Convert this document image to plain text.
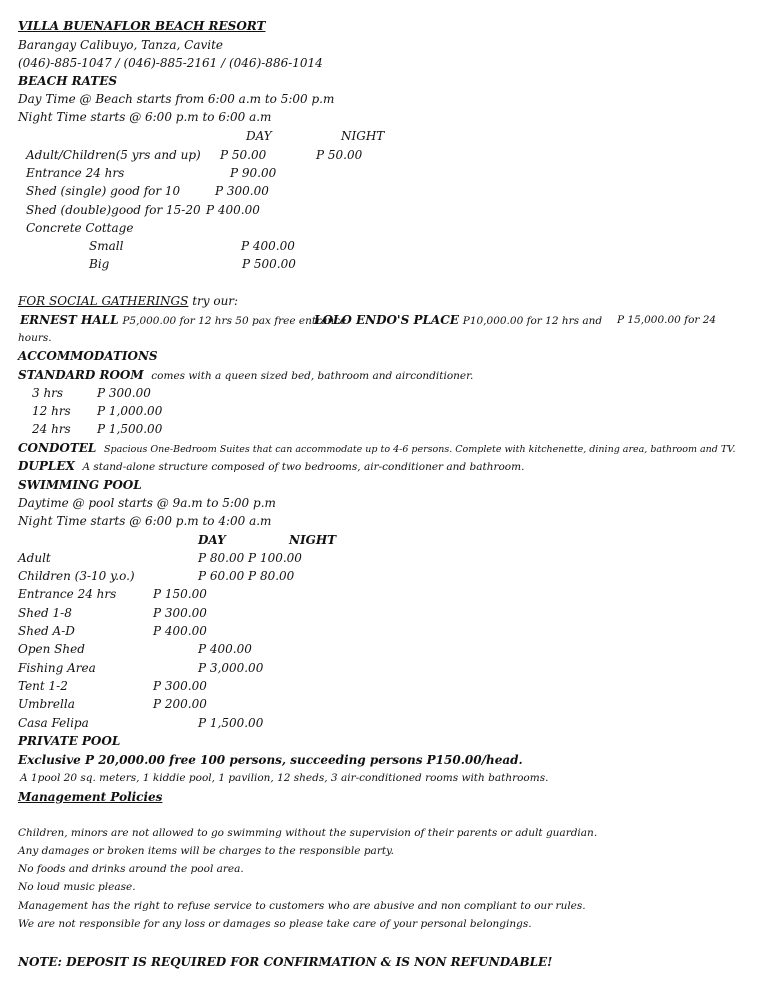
VILLA BUENAFLOR BEACH RESORT
Barangay Calibuyo, Tanza, Cavite
(046)-885-1047 / (046)-885-2161 / (046)-886-1014
BEACH RATES
Day Time @ Beach starts from 6:00 a.m to 5:00 p.m
Night Time starts @ 6:00 p.m to 6:00 a.m
DAY	NIGHT
Adult/Children(5 yrs and up) P 50.00	P 50.00
Entrance 24 hrs	P 90.00
Shed (single) good for 10	P 300.00
Shed (double)good for 15-20 P 400.00
Concrete Cottage
Small	P 400.00
Big	P 500.00
FOR SOCIAL GATHERINGS try our:
ERNEST HALL P5,000.00 for 12 hrs 50 pax free entrance
LOLO ENDO'S PLACE P10,000.00 for 12 hrs and P 15,000.00 for 24
hours.
ACCOMMODATIONS
STANDARD ROOM comes with a queen sized bed, bathroom and airconditioner.
3 hrs	P 300.00
12 hrs P 1,000.00
24 hrs P 1,500.00
CONDOTEL Spacious One-Bedroom Suites that can accommodate up to 4-6 persons. Complete with kitchenette, dining area, bathroom and TV.
DUPLEX A stand-alone structure composed of two bedrooms, air-conditioner and bathroom.
SWIMMING POOL
Daytime @ pool starts @ 9a.m to 5:00 p.m
Night Time starts @ 6:00 p.m to 4:00 a.m
DAY	NIGHT
Adult	P 80.00 P 100.00
Children (3-10 y.o.)	P 60.00 P 80.00
Entrance 24 hrs	P 150.00
Shed 1-8	P 300.00
Shed A-D	P 400.00
Open Shed	P 400.00
Fishing Area	P 3,000.00
Tent 1-2	P 300.00
Umbrella	P 200.00
Casa Felipa	P 1,500.00
PRIVATE POOL
Exclusive P 20,000.00 free 100 persons, succeeding persons P150.00/head.
A 1pool 20 sq. meters, 1 kiddie pool, 1 pavilion, 12 sheds, 3 air-conditioned rooms with bathrooms.
Management Policies
Children, minors are not allowed to go swimming without the supervision of their parents or adult guardian.
Any damages or broken items will be charges to the responsible party.
No foods and drinks around the pool area.
No loud music please.
Management has the right to refuse service to customers who are abusive and non compliant to our rules.
We are not responsible for any loss or damages so please take care of your personal belongings.
NOTE: DEPOSIT IS REQUIRED FOR CONFIRMATION & IS NON REFUNDABLE!
